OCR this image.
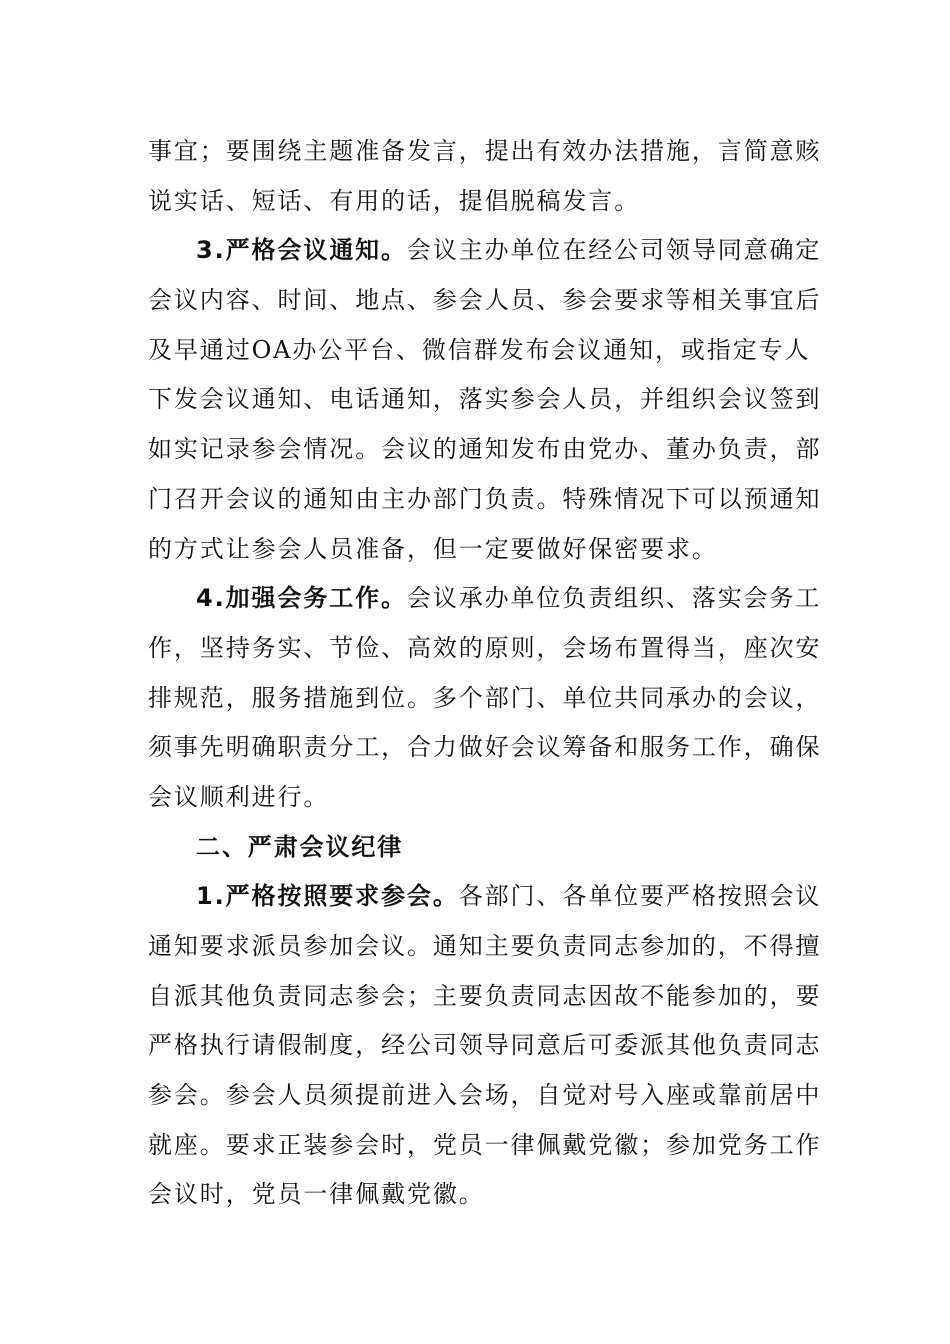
事宜；要围绕主题准备发言，提出有效办法措施，言简意赅
说实话、短话、有用的话，提倡脱稿发言。
3.严格会议通知。会议主办单位在经公司领导同意确定
会议内容、时间、地点、参会人员、参会要求等相关事宜后
及早通过OA办公平台、微信群发布会议通知，或指定专人
下发会议通知、电话通知，落实参会人员，并组织会议签到
如实记录参会情况。会议的通知发布由党办、董办负责，部
门召开会议的通知由主办部门负责。特殊情况下可以预通知
的方式让参会人员准备，但一定要做好保密要求。
4.加强会务工作。会议承办单位负责组织、落实会务工
作，坚持务实、节俭、高效的原则，会场布置得当，座次安
排规范，服务措施到位。多个部门、单位共同承办的会议，
须事先明确职责分工，合力做好会议筹备和服务工作，确保
会议顺利进行。
二、严肃会议纪律
1.严格按照要求参会。各部门、各单位要严格按照会议
通知要求派员参加会议。通知主要负责同志参加的，不得擅
自派其他负责同志参会；主要负责同志因故不能参加的，要
严格执行请假制度，经公司领导同意后可委派其他负责同志
参会。参会人员须提前进入会场，自觉对号入座或靠前居中
就座。要求正装参会时，党员一律佩戴党徽；参加党务工作
会议时，党员一律佩戴党徽。
